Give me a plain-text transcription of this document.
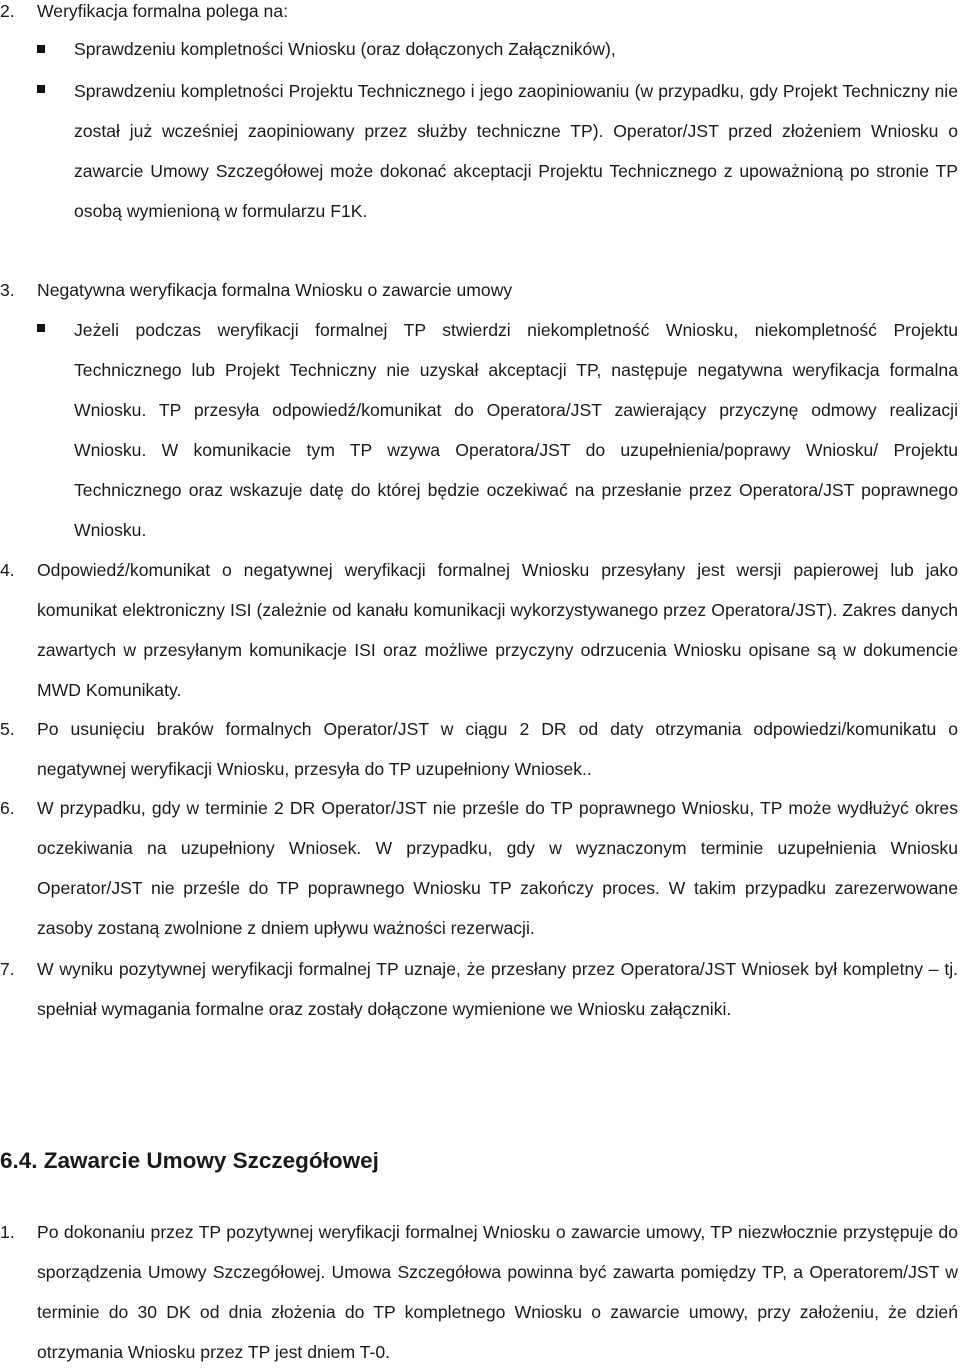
2.	Weryfikacja formalna polega na:
Sprawdzeniu kompletności Wniosku (oraz dołączonych Załączników),
Sprawdzeniu kompletności Projektu Technicznego i jego zaopiniowaniu (w przypadku, gdy Projekt Techniczny nie został już wcześniej zaopiniowany przez służby techniczne TP). Operator/JST przed złożeniem Wniosku o zawarcie Umowy Szczegółowej może dokonać akceptacji Projektu Technicznego z upoważnioną po stronie TP osobą wymienioną w formularzu F1K.
3.	Negatywna weryfikacja formalna Wniosku o zawarcie umowy
Jeżeli podczas weryfikacji formalnej TP stwierdzi niekompletność Wniosku, niekompletność Projektu Technicznego lub Projekt Techniczny nie uzyskał akceptacji TP, następuje negatywna weryfikacja formalna Wniosku. TP przesyła odpowiedź/komunikat do Operatora/JST zawierający przyczynę odmowy realizacji Wniosku. W komunikacie tym TP wzywa Operatora/JST do uzupełnienia/poprawy Wniosku/ Projektu Technicznego oraz wskazuje datę do której będzie oczekiwać na przesłanie przez Operatora/JST poprawnego Wniosku.
4.	Odpowiedź/komunikat o negatywnej weryfikacji formalnej Wniosku przesyłany jest wersji papierowej lub jako komunikat elektroniczny ISI (zależnie od kanału komunikacji wykorzystywanego przez Operatora/JST). Zakres danych zawartych w przesyłanym komunikacje ISI oraz możliwe przyczyny odrzucenia Wniosku opisane są w dokumencie MWD Komunikaty.
5.	Po usunięciu braków formalnych Operator/JST w ciągu 2 DR od daty otrzymania odpowiedzi/komunikatu o negatywnej weryfikacji Wniosku, przesyła do TP uzupełniony Wniosek..
6.	W przypadku, gdy w terminie 2 DR Operator/JST nie prześle do TP poprawnego Wniosku, TP może wydłużyć okres oczekiwania na uzupełniony Wniosek. W przypadku, gdy w wyznaczonym terminie uzupełnienia Wniosku Operator/JST nie prześle do TP poprawnego Wniosku TP zakończy proces. W takim przypadku zarezerwowane zasoby zostaną zwolnione z dniem upływu ważności rezerwacji.
7.	W wyniku pozytywnej weryfikacji formalnej TP uznaje, że przesłany przez Operatora/JST Wniosek był kompletny – tj. spełniał wymagania formalne oraz zostały dołączone wymienione we Wniosku załączniki.
6.4. Zawarcie Umowy Szczegółowej
1.	Po dokonaniu przez TP pozytywnej weryfikacji formalnej Wniosku o zawarcie umowy, TP niezwłocznie przystępuje do sporządzenia Umowy Szczegółowej. Umowa Szczegółowa powinna być zawarta pomiędzy TP, a Operatorem/JST w terminie do 30 DK od dnia złożenia do TP kompletnego Wniosku o zawarcie umowy, przy założeniu, że dzień otrzymania Wniosku przez TP jest dniem T-0.
